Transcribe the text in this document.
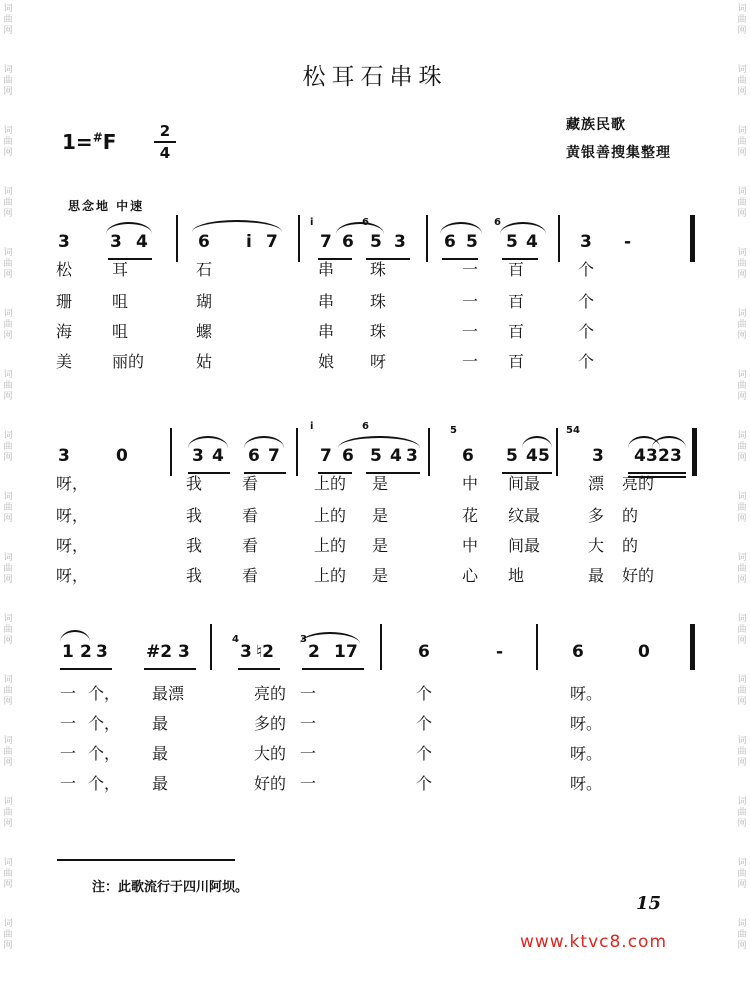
词
曲
网
词
曲
网
词
曲
网
词
曲
网
词
曲
网
词
曲
网
词
曲
网
词
曲
网
词
曲
网
词
曲
网
词
曲
网
词
曲
网
词
曲
网
词
曲
网
词
曲
网
词
曲
网
词
曲
网
词
曲
网
词
曲
网
词
曲
网
词
曲
网
词
曲
网
词
曲
网
词
曲
网
词
曲
网
词
曲
网
词
曲
网
词
曲
网
词
曲
网
词
曲
网
词
曲
网
词
曲
网
松耳石串珠
1=#F	2
4
藏族民歌
黄银善搜集整理
思念地 中速
3 3 4	6 i 7 7 6 5 3 6 5 5 4 3 -
i	6	6
松 耳	石	串 珠	一 百	个
珊 咀	瑚	串 珠	一 百	个
海 咀	螺	串 珠	一 百	个
美 丽的	姑	娘 呀	一 百	个
3	0	3 4 6 7 7 6 5 4 3	6 5 4 5 3 4 3 2 3
i	6	5	54
呀，	我 看	上的 是	中 间最	漂 亮的
呀，	我 看	上的 是	花 纹最	多 的
呀，	我 看	上的 是	中 间最	大 的
呀，	我 看	上的 是	心 地	最 好的
1 2 3 #2 3	3 ♮2 2 1 7	6	-	6	0
4	3
一 个， 最漂	亮的 一	个	呀。
一 个， 最	多的 一	个	呀。
一 个， 最	大的 一	个	呀。
一 个， 最	好的 一	个	呀。
注：此歌流行于四川阿坝。
15
www.ktvc8.com
